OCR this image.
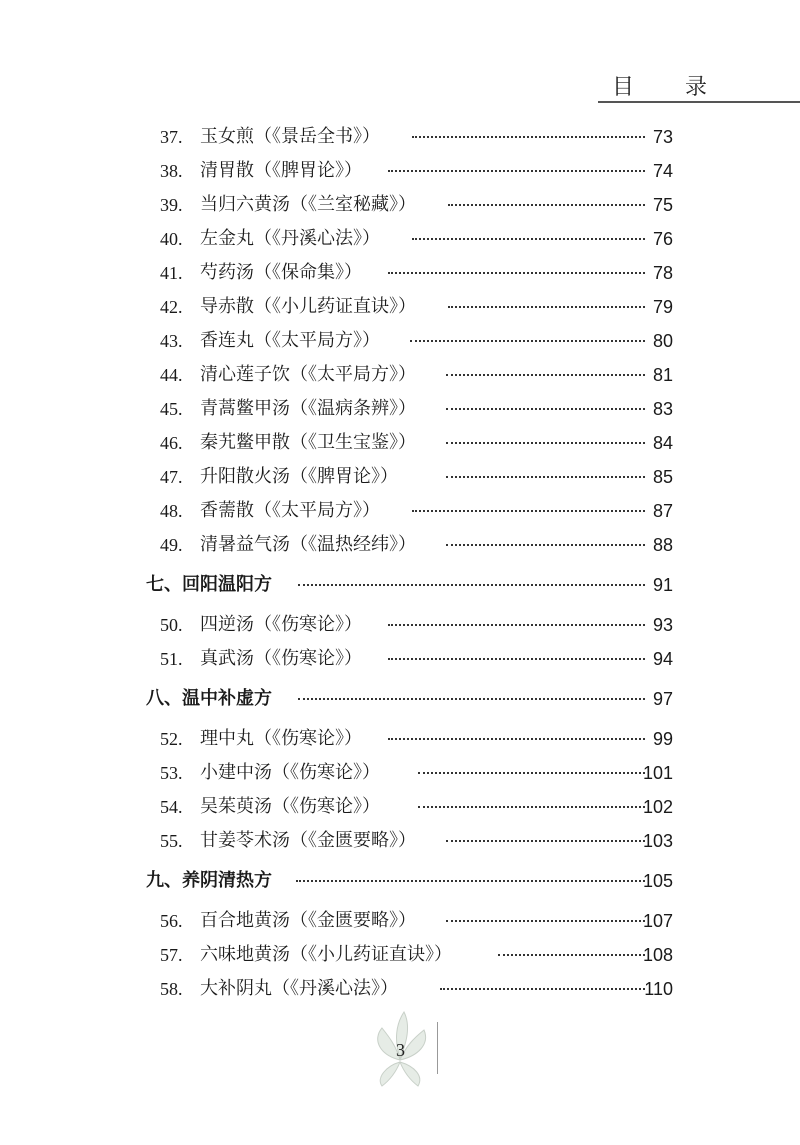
目 录
37. 玉女煎（《景岳全书》）	73
38. 清胃散（《脾胃论》）	74
39. 当归六黄汤（《兰室秘藏》）	75
40. 左金丸（《丹溪心法》）	76
41. 芍药汤（《保命集》）	78
42. 导赤散（《小儿药证直诀》）	79
43. 香连丸（《太平局方》）	80
44. 清心莲子饮（《太平局方》）	81
45. 青蒿鳖甲汤（《温病条辨》）	83
46. 秦艽鳖甲散（《卫生宝鉴》）	84
47. 升阳散火汤（《脾胃论》）	85
48. 香薷散（《太平局方》）	87
49. 清暑益气汤（《温热经纬》）	88
七、回阳温阳方	91
50. 四逆汤（《伤寒论》）	93
51. 真武汤（《伤寒论》）	94
八、温中补虚方	97
52. 理中丸（《伤寒论》）	99
53. 小建中汤（《伤寒论》）	101
54. 吴茱萸汤（《伤寒论》）	102
55. 甘姜苓术汤（《金匮要略》）	103
九、养阴清热方	105
56. 百合地黄汤（《金匮要略》）	107
57. 六味地黄汤（《小儿药证直诀》）	108
58. 大补阴丸（《丹溪心法》）	110
3
